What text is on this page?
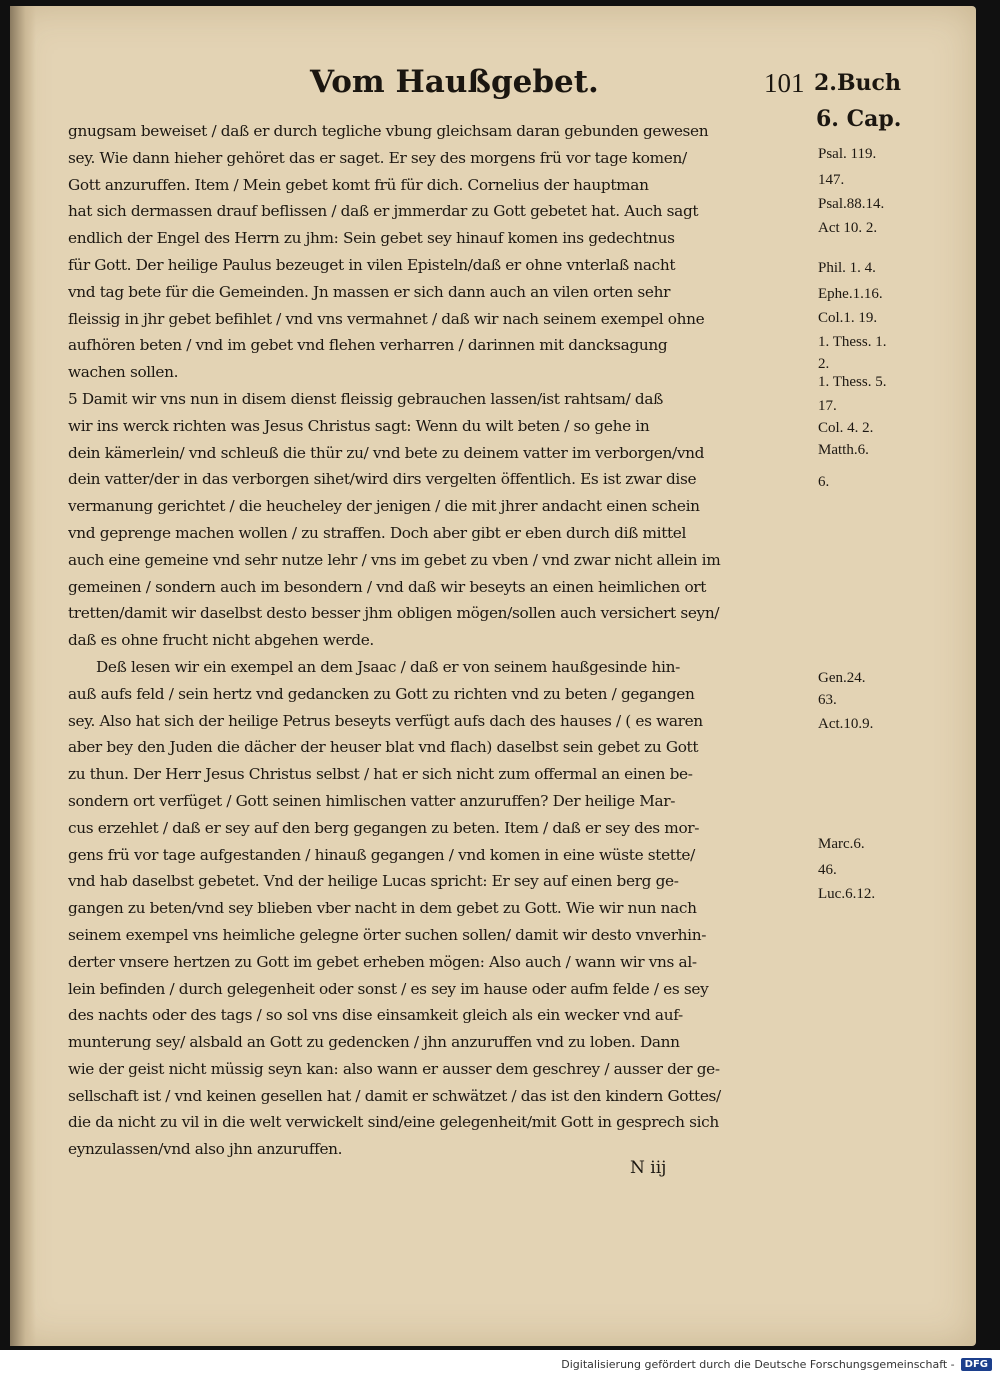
Vom Haußgebet.	101 2.Buch
6. Cap.
gnugsam beweiset / daß er durch tegliche vbung gleichsam daran gebunden gewesen
sey. Wie dann hieher gehöret das er saget. Er sey des morgens frü vor tage komen/
Gott anzuruffen. Item / Mein gebet komt frü für dich. Cornelius der hauptman
hat sich dermassen drauf beflissen / daß er jmmerdar zu Gott gebetet hat. Auch sagt
endlich der Engel des Herrn zu jhm: Sein gebet sey hinauf komen ins gedechtnus
für Gott. Der heilige Paulus bezeuget in vilen Episteln/daß er ohne vnterlaß nacht
vnd tag bete für die Gemeinden. Jn massen er sich dann auch an vilen orten sehr
fleissig in jhr gebet befihlet / vnd vns vermahnet / daß wir nach seinem exempel ohne
aufhören beten / vnd im gebet vnd flehen verharren / darinnen mit dancksagung
wachen sollen.
5 Damit wir vns nun in disem dienst fleissig gebrauchen lassen/ist rahtsam/ daß
wir ins werck richten was Jesus Christus sagt: Wenn du wilt beten / so gehe in
dein kämerlein/ vnd schleuß die thür zu/ vnd bete zu deinem vatter im verborgen/vnd
dein vatter/der in das verborgen sihet/wird dirs vergelten öffentlich. Es ist zwar dise
vermanung gerichtet / die heucheley der jenigen / die mit jhrer andacht einen schein
vnd geprenge machen wollen / zu straffen. Doch aber gibt er eben durch diß mittel
auch eine gemeine vnd sehr nutze lehr / vns im gebet zu vben / vnd zwar nicht allein im
gemeinen / sondern auch im besondern / vnd daß wir beseyts an einen heimlichen ort
tretten/damit wir daselbst desto besser jhm obligen mögen/sollen auch versichert seyn/
daß es ohne frucht nicht abgehen werde.
Deß lesen wir ein exempel an dem Jsaac / daß er von seinem haußgesinde hin-
auß aufs feld / sein hertz vnd gedancken zu Gott zu richten vnd zu beten / gegangen
sey. Also hat sich der heilige Petrus beseyts verfügt aufs dach des hauses / ( es waren
aber bey den Juden die dächer der heuser blat vnd flach) daselbst sein gebet zu Gott
zu thun. Der Herr Jesus Christus selbst / hat er sich nicht zum offermal an einen be-
sondern ort verfüget / Gott seinen himlischen vatter anzuruffen? Der heilige Mar-
cus erzehlet / daß er sey auf den berg gegangen zu beten. Item / daß er sey des mor-
gens frü vor tage aufgestanden / hinauß gegangen / vnd komen in eine wüste stette/
vnd hab daselbst gebetet. Vnd der heilige Lucas spricht: Er sey auf einen berg ge-
gangen zu beten/vnd sey blieben vber nacht in dem gebet zu Gott. Wie wir nun nach
seinem exempel vns heimliche gelegne örter suchen sollen/ damit wir desto vnverhin-
derter vnsere hertzen zu Gott im gebet erheben mögen: Also auch / wann wir vns al-
lein befinden / durch gelegenheit oder sonst / es sey im hause oder aufm felde / es sey
des nachts oder des tags / so sol vns dise einsamkeit gleich als ein wecker vnd auf-
munterung sey/ alsbald an Gott zu gedencken / jhn anzuruffen vnd zu loben. Dann
wie der geist nicht müssig seyn kan: also wann er ausser dem geschrey / ausser der ge-
sellschaft ist / vnd keinen gesellen hat / damit er schwätzet / das ist den kindern Gottes/
die da nicht zu vil in die welt verwickelt sind/eine gelegenheit/mit Gott in gesprech sich
eynzulassen/vnd also jhn anzuruffen.
Psal. 119.
147.
Psal.88.14.
Act 10. 2.
Phil. 1. 4.
Ephe.1.16.
Col.1. 19.
1. Thess. 1.
2.
1. Thess. 5.
17.
Col. 4. 2.
Matth.6.
6.
Gen.24.
63.
Act.10.9.
Marc.6.
46.
Luc.6.12.
N iij
Digitalisierung gefördert durch die Deutsche Forschungsgemeinschaft -	DFG
